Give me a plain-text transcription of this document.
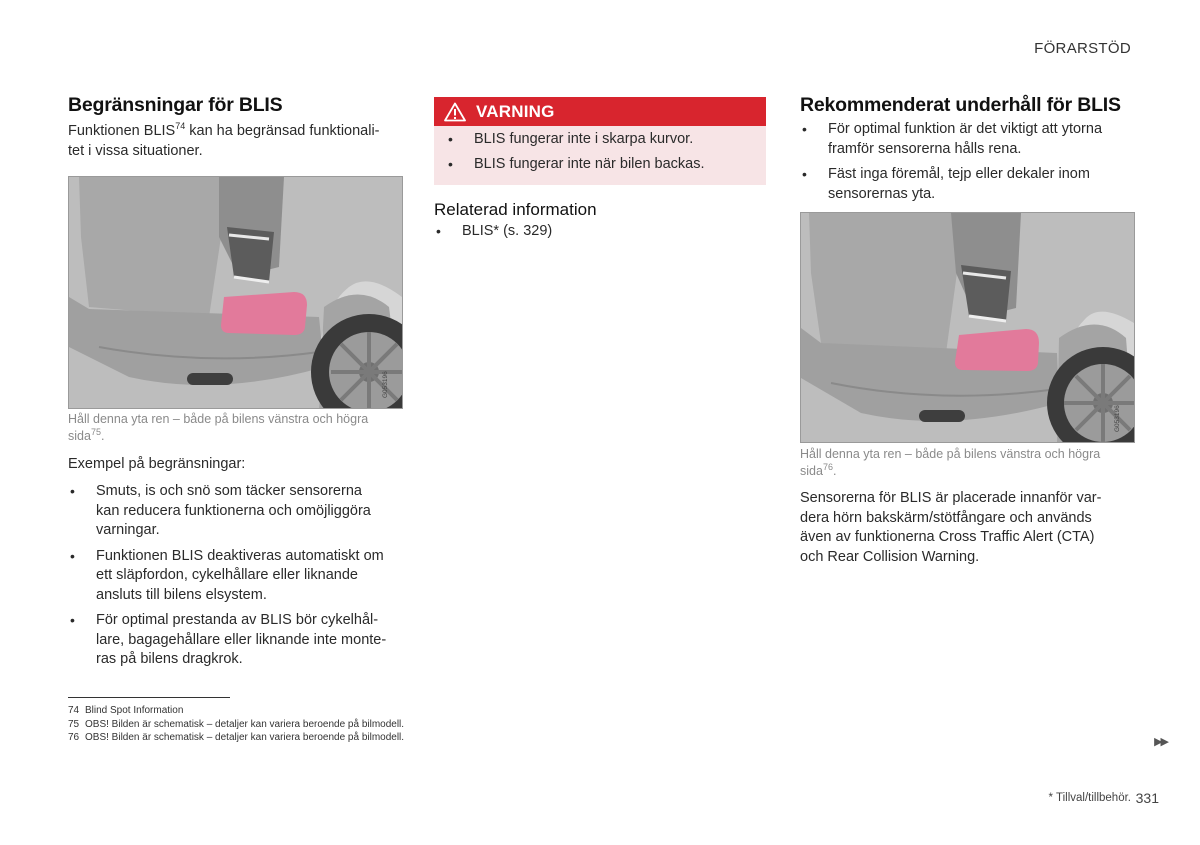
FÖRARSTÖD
Begränsningar för BLIS
Funktionen BLIS$^{74}$ kan ha begränsad funktionali-
tet i vissa situationer.
G053196
Håll denna yta ren – både på bilens vänstra och högra
sida$^{75}$.

Exempel på begränsningar:

• Smuts, is och snö som täcker sensorerna
kan reducera funktionerna och omöjliggöra
varningar.
• Funktionen BLIS deaktiveras automatiskt om
ett släpfordon, cykelhållare eller liknande
ansluts till bilens elsystem.
• För optimal prestanda av BLIS bör cykelhål-
lare, bagagehållare eller liknande inte monte-
ras på bilens dragkrok.
VARNING
• BLIS fungerar inte i skarpa kurvor.
• BLIS fungerar inte när bilen backas.
Relaterad information
• BLIS* (s. 329)
Rekommenderat underhåll för BLIS
• För optimal funktion är det viktigt att ytorna
framför sensorerna hålls rena.
• Fäst inga föremål, tejp eller dekaler inom
sensorernas yta.
G053196
Håll denna yta ren – både på bilens vänstra och högra
sida$^{76}$.
Sensorerna för BLIS är placerade innanför var-
dera hörn bakskärm/stötfångare och används
även av funktionerna Cross Traffic Alert (CTA)
och Rear Collision Warning.
74 Blind Spot Information
75 OBS! Bilden är schematisk – detaljer kan variera beroende på bilmodell.
76 OBS! Bilden är schematisk – detaljer kan variera beroende på bilmodell.	▶▶
* Tillval/tillbehör. 331
